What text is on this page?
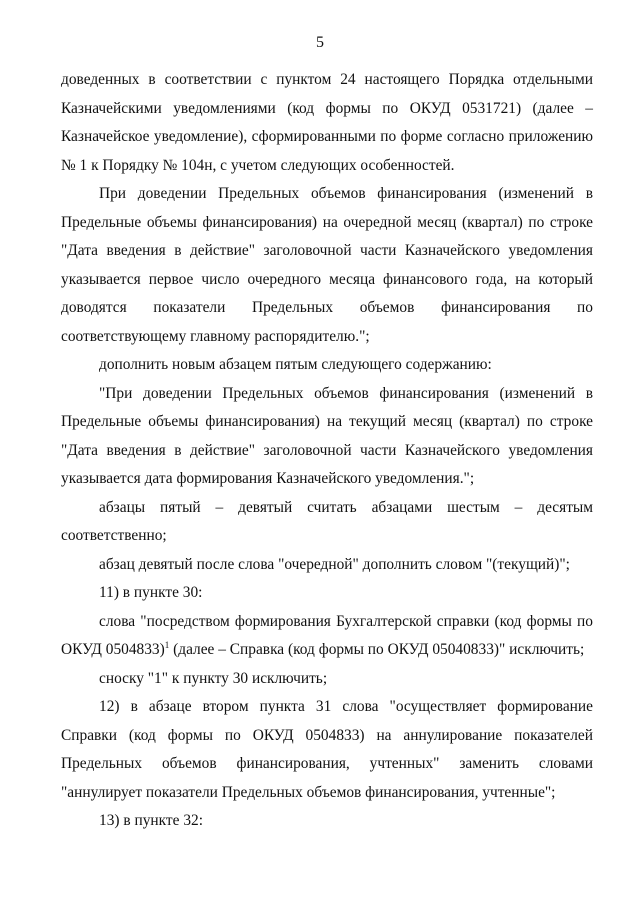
5

доведенных в соответствии с пунктом 24 настоящего Порядка отдельными Казначейскими уведомлениями (код формы по ОКУД 0531721) (далее – Казначейское уведомление), сформированными по форме согласно приложению № 1 к Порядку № 104н, с учетом следующих особенностей.

При доведении Предельных объемов финансирования (изменений в Предельные объемы финансирования) на очередной месяц (квартал) по строке "Дата введения в действие" заголовочной части Казначейского уведомления указывается первое число очередного месяца финансового года, на который доводятся показатели Предельных объемов финансирования по соответствующему главному распорядителю.";

дополнить новым абзацем пятым следующего содержанию:

"При доведении Предельных объемов финансирования (изменений в Предельные объемы финансирования) на текущий месяц (квартал) по строке "Дата введения в действие" заголовочной части Казначейского уведомления указывается дата формирования Казначейского уведомления.";

абзацы пятый – девятый считать абзацами шестым – десятым соответственно;

абзац девятый после слова "очередной" дополнить словом "(текущий)";

11) в пункте 30:

слова "посредством формирования Бухгалтерской справки (код формы по ОКУД 0504833)$^1$ (далее – Справка (код формы по ОКУД 05040833)" исключить;

сноску "1" к пункту 30 исключить;

12) в абзаце втором пункта 31 слова "осуществляет формирование Справки (код формы по ОКУД 0504833) на аннулирование показателей Предельных объемов финансирования, учтенных" заменить словами "аннулирует показатели Предельных объемов финансирования, учтенные";

13) в пункте 32:
